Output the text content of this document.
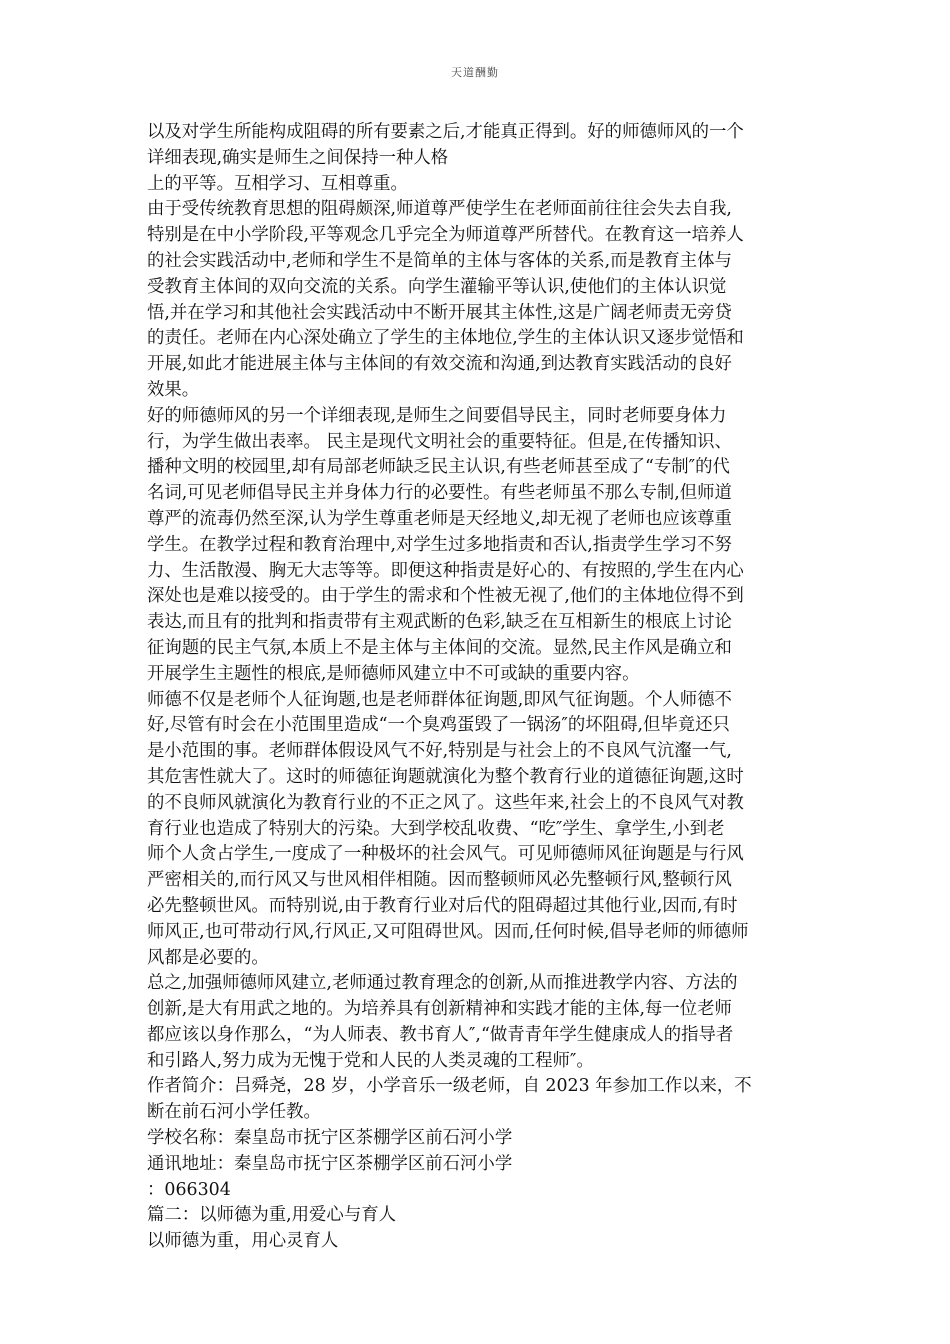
天道酬勤
以及对学生所能构成阻碍的所有要素之后,才能真正得到。好的师德师风的一个
详细表现,确实是师生之间保持一种人格
上的平等。互相学习、互相尊重。
由于受传统教育思想的阻碍颇深,师道尊严使学生在老师面前往往会失去自我,
特别是在中小学阶段,平等观念几乎完全为师道尊严所替代。在教育这一培养人
的社会实践活动中,老师和学生不是简单的主体与客体的关系,而是教育主体与
受教育主体间的双向交流的关系。向学生灌输平等认识,使他们的主体认识觉
悟,并在学习和其他社会实践活动中不断开展其主体性,这是广阔老师责无旁贷
的责任。老师在内心深处确立了学生的主体地位,学生的主体认识又逐步觉悟和
开展,如此才能进展主体与主体间的有效交流和沟通,到达教育实践活动的良好
效果。
好的师德师风的另一个详细表现,是师生之间要倡导民主，同时老师要身体力
行，为学生做出表率。 民主是现代文明社会的重要特征。但是,在传播知识、
播种文明的校园里,却有局部老师缺乏民主认识,有些老师甚至成了“专制″的代
名词,可见老师倡导民主并身体力行的必要性。有些老师虽不那么专制,但师道
尊严的流毒仍然至深,认为学生尊重老师是天经地义,却无视了老师也应该尊重
学生。在教学过程和教育治理中,对学生过多地指责和否认,指责学生学习不努
力、生活散漫、胸无大志等等。即便这种指责是好心的、有按照的,学生在内心
深处也是难以接受的。由于学生的需求和个性被无视了,他们的主体地位得不到
表达,而且有的批判和指责带有主观武断的色彩,缺乏在互相新生的根底上讨论
征询题的民主气氛,本质上不是主体与主体间的交流。显然,民主作风是确立和
开展学生主题性的根底,是师德师风建立中不可或缺的重要内容。
师德不仅是老师个人征询题,也是老师群体征询题,即风气征询题。个人师德不
好,尽管有时会在小范围里造成“一个臭鸡蛋毁了一锅汤″的坏阻碍,但毕竟还只
是小范围的事。老师群体假设风气不好,特别是与社会上的不良风气沆瀣一气,
其危害性就大了。这时的师德征询题就演化为整个教育行业的道德征询题,这时
的不良师风就演化为教育行业的不正之风了。这些年来,社会上的不良风气对教
育行业也造成了特别大的污染。大到学校乱收费、“吃″学生、拿学生,小到老
师个人贪占学生,一度成了一种极坏的社会风气。可见师德师风征询题是与行风
严密相关的,而行风又与世风相伴相随。因而整顿师风必先整顿行风,整顿行风
必先整顿世风。而特别说,由于教育行业对后代的阻碍超过其他行业,因而,有时
师风正,也可带动行风,行风正,又可阻碍世风。因而,任何时候,倡导老师的师德师
风都是必要的。
总之,加强师德师风建立,老师通过教育理念的创新,从而推进教学内容、方法的
创新,是大有用武之地的。为培养具有创新精神和实践才能的主体,每一位老师
都应该以身作那么，“为人师表、教书育人″,“做青青年学生健康成人的指导者
和引路人,努力成为无愧于党和人民的人类灵魂的工程师″。
作者简介：吕舜尧，28 岁，小学音乐一级老师，自 2023 年参加工作以来，不
断在前石河小学任教。
学校名称：秦皇岛市抚宁区茶棚学区前石河小学
通讯地址：秦皇岛市抚宁区茶棚学区前石河小学
：066304
篇二：以师德为重,用爱心与育人
以师德为重，用心灵育人
